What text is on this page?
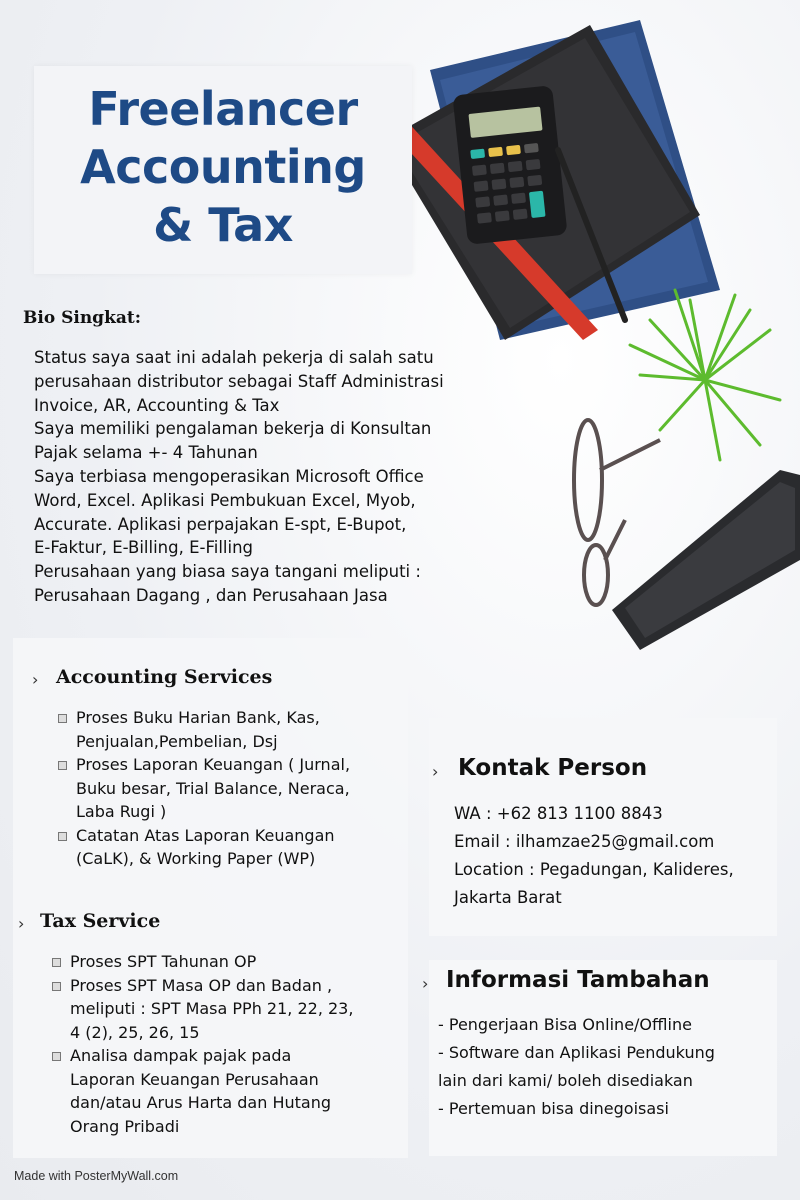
Freelancer
Accounting
& Tax
Bio Singkat:
Status saya saat ini adalah pekerja di salah satu
perusahaan distributor sebagai Staff Administrasi
Invoice, AR, Accounting & Tax
Saya memiliki pengalaman bekerja di Konsultan
Pajak selama +- 4 Tahunan
Saya terbiasa mengoperasikan Microsoft Office
Word, Excel. Aplikasi Pembukuan Excel, Myob,
Accurate. Aplikasi perpajakan E-spt, E-Bupot,
E-Faktur, E-Billing, E-Filling
Perusahaan yang biasa saya tangani meliputi :
Perusahaan Dagang , dan Perusahaan Jasa
› Accounting Services
Proses Buku Harian Bank, Kas,
Penjualan,Pembelian, Dsj
Proses Laporan Keuangan ( Jurnal,
Buku besar, Trial Balance, Neraca,
Laba Rugi )
Catatan Atas Laporan Keuangan
(CaLK), & Working Paper (WP)
› Tax Service
Proses SPT Tahunan OP
Proses SPT Masa OP dan Badan ,
meliputi : SPT Masa PPh 21, 22, 23,
4 (2), 25, 26, 15
Analisa dampak pajak pada
Laporan Keuangan Perusahaan
dan/atau Arus Harta dan Hutang
Orang Pribadi
› Kontak Person
WA : +62 813 1100 8843
Email : ilhamzae25@gmail.com
Location : Pegadungan, Kalideres,
Jakarta Barat
› Informasi Tambahan
- Pengerjaan Bisa Online/Offline
- Software dan Aplikasi Pendukung
lain dari kami/ boleh disediakan
- Pertemuan bisa dinegoisasi
Made with PosterMyWall.com
